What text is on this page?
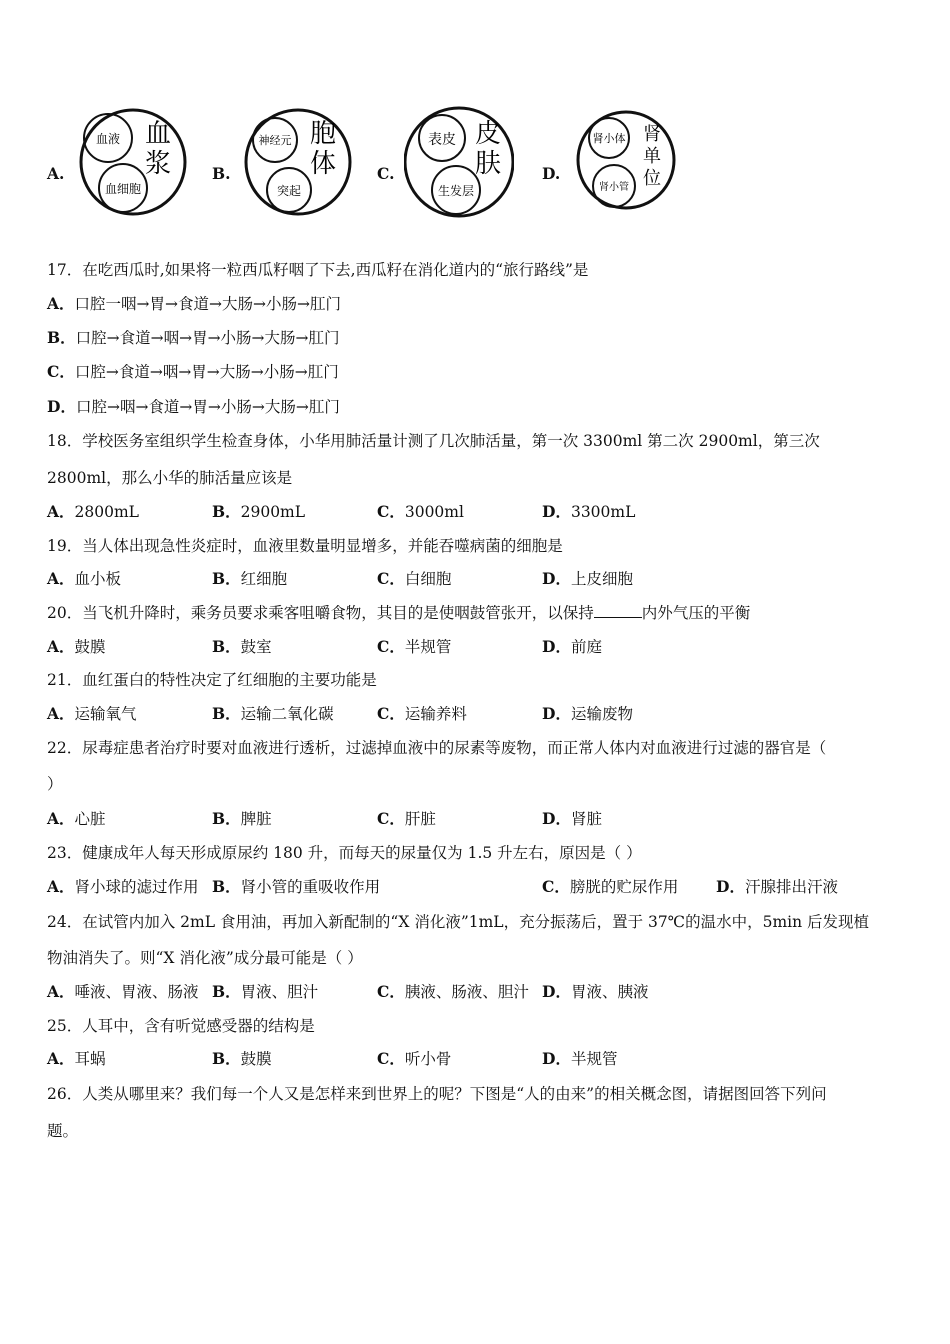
A.
血液
血细胞
血
浆	B.
神经元
突起
胞
体	C.
表皮
生发层
皮
肤	D.
肾小体
肾小管
肾
单
位
17．在吃西瓜时,如果将一粒西瓜籽咽了下去,西瓜籽在消化道内的“旅行路线”是
A．口腔一咽→胃→食道→大肠→小肠→肛门
B．口腔→食道→咽→胃→小肠→大肠→肛门
C．口腔→食道→咽→胃→大肠→小肠→肛门
D．口腔→咽→食道→胃→小肠→大肠→肛门
18．学校医务室组织学生检查身体，小华用肺活量计测了几次肺活量，第一次 3300ml 第二次 2900ml，第三次
2800ml，那么小华的肺活量应该是
A．2800mL	B．2900mL	C．3000ml	D．3300mL
19．当人体出现急性炎症时，血液里数量明显增多，并能吞噬病菌的细胞是
A．血小板	B．红细胞	C．白细胞	D．上皮细胞
20．当飞机升降时，乘务员要求乘客咀嚼食物，其目的是使咽鼓管张开，以保持	内外气压的平衡
A．鼓膜	B．鼓室	C．半规管	D．前庭
21．血红蛋白的特性决定了红细胞的主要功能是
A．运输氧气	B．运输二氧化碳	C．运输养料	D．运输废物
22．尿毒症患者治疗时要对血液进行透析，过滤掉血液中的尿素等废物，而正常人体内对血液进行过滤的器官是（
）
A．心脏	B．脾脏	C．肝脏	D．肾脏
23．健康成年人每天形成原尿约 180 升，而每天的尿量仅为 1.5 升左右，原因是（ ）
A．肾小球的滤过作用 B．肾小管的重吸收作用	C．膀胱的贮尿作用 D．汗腺排出汗液
24．在试管内加入 2mL 食用油，再加入新配制的“X 消化液”1mL，充分振荡后，置于 37℃的温水中，5min 后发现植
物油消失了。则“X 消化液”成分最可能是（ ）
A．唾液、胃液、肠液 B．胃液、胆汁	C．胰液、肠液、胆汁 D．胃液、胰液
25．人耳中，含有听觉感受器的结构是
A．耳蜗	B．鼓膜	C．听小骨	D．半规管
26．人类从哪里来？我们每一个人又是怎样来到世界上的呢？下图是“人的由来”的相关概念图，请据图回答下列问
题。
